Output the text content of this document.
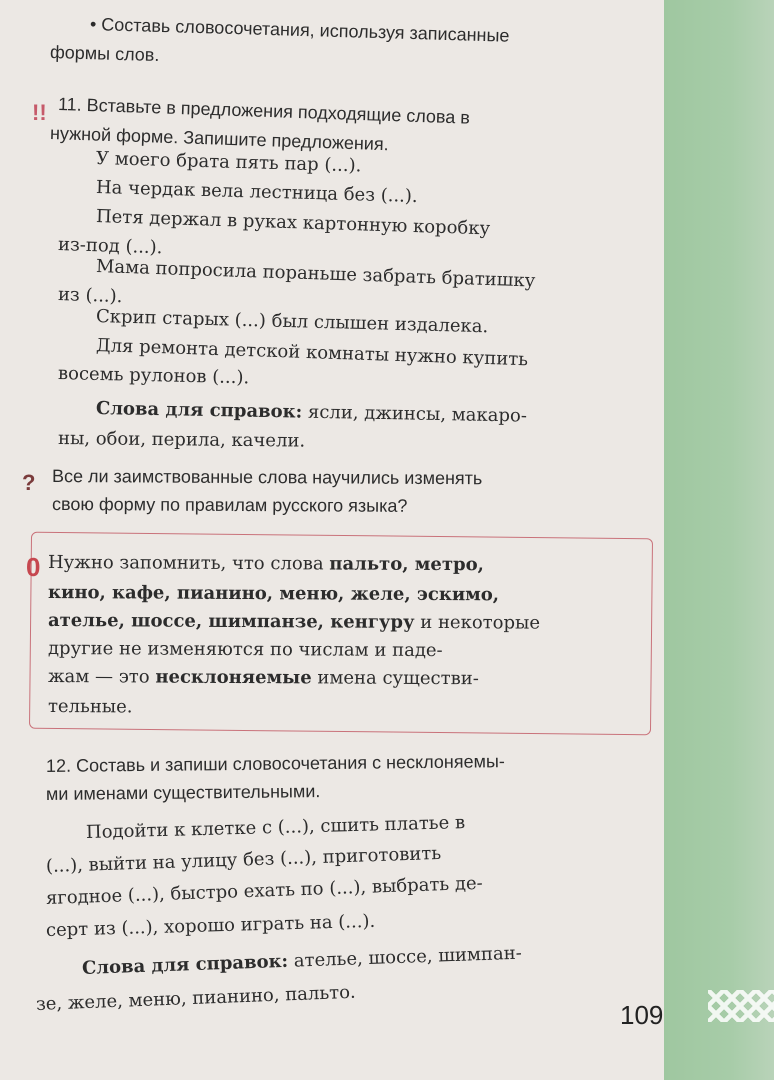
• Составь словосочетания, используя записанные
формы слов.
!! 11. Вставьте в предложения подходящие слова в
нужной форме. Запишите предложения.
У моего брата пять пар (...).
На чердак вела лестница без (...).
Петя держал в руках картонную коробку
из-под (...).
Мама попросила пораньше забрать братишку
из (...).
Скрип старых (...) был слышен издалека.
Для ремонта детской комнаты нужно купить
восемь рулонов (...).
Слова для справок: ясли, джинсы, макаро-
ны, обои, перила, качели.
? Все ли заимствованные слова научились изменять
свою форму по правилам русского языка?
0 Нужно запомнить, что слова пальто, метро,
кино, кафе, пианино, меню, желе, эскимо,
ателье, шоссе, шимпанзе, кенгуру и некоторые
другие не изменяются по числам и паде-
жам — это несклоняемые имена существи-
тельные.
12. Составь и запиши словосочетания с несклоняемы-
ми именами существительными.
Подойти к клетке с (...), сшить платье в
(...), выйти на улицу без (...), приготовить
ягодное (...), быстро ехать по (...), выбрать де-
серт из (...), хорошо играть на (...).
Слова для справок: ателье, шоссе, шимпан-
зе, желе, меню, пианино, пальто.
109
